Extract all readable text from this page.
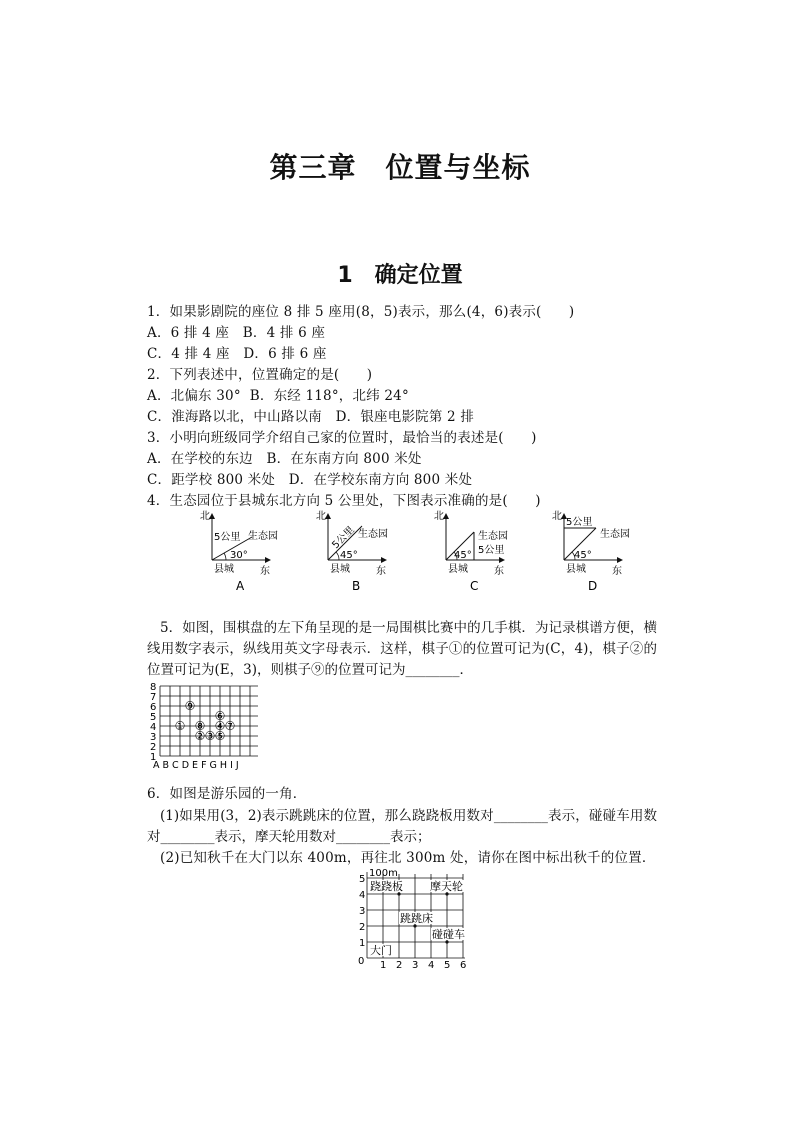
第三章　位置与坐标
1　确定位置
1．如果影剧院的座位 8 排 5 座用(8，5)表示，那么(4，6)表示(　　)
A．6 排 4 座　B．4 排 6 座
C．4 排 4 座　D．6 排 6 座
2．下列表述中，位置确定的是(　　)
A．北偏东 30°  B．东经 118°，北纬 24°
C．淮海路以北，中山路以南　D．银座电影院第 2 排
3．小明向班级同学介绍自己家的位置时，最恰当的表述是(　　)
A．在学校的东边　B．在东南方向 800 米处
C．距学校 800 米处　D．在学校东南方向 800 米处
4．生态园位于县城东北方向 5 公里处，下图表示准确的是(　　)
北
5公里 生态园
30°
县城	东
北
5公里 生态园
45°
县城	东
北
生态园
5公里
45°
县城	东
北
5公里
生态园
45°
县城	东
A	B	C	D
5．如图，围棋盘的左下角呈现的是一局围棋比赛中的几手棋．为记录棋谱方便，横线用数字表示，纵线用英文字母表示．这样，棋子①的位置可记为(C，4)，棋子②的位置可记为(E，3)，则棋子⑨的位置可记为________．
8
7
6
5
4
3
2
1
A B C D E F G H I J
①
② ③
④
⑤
⑥
⑦
⑧
⑨
6．如图是游乐园的一角．
(1)如果用(3，2)表示跳跳床的位置，那么跷跷板用数对________表示，碰碰车用数对________表示，摩天轮用数对________表示；
(2)已知秋千在大门以东 400m，再往北 300m 处，请你在图中标出秋千的位置．
100m
0 1 2 3 4 5 6
1
2
3
4
5
跷跷板 摩天轮
跳跳床
碰碰车
大门
